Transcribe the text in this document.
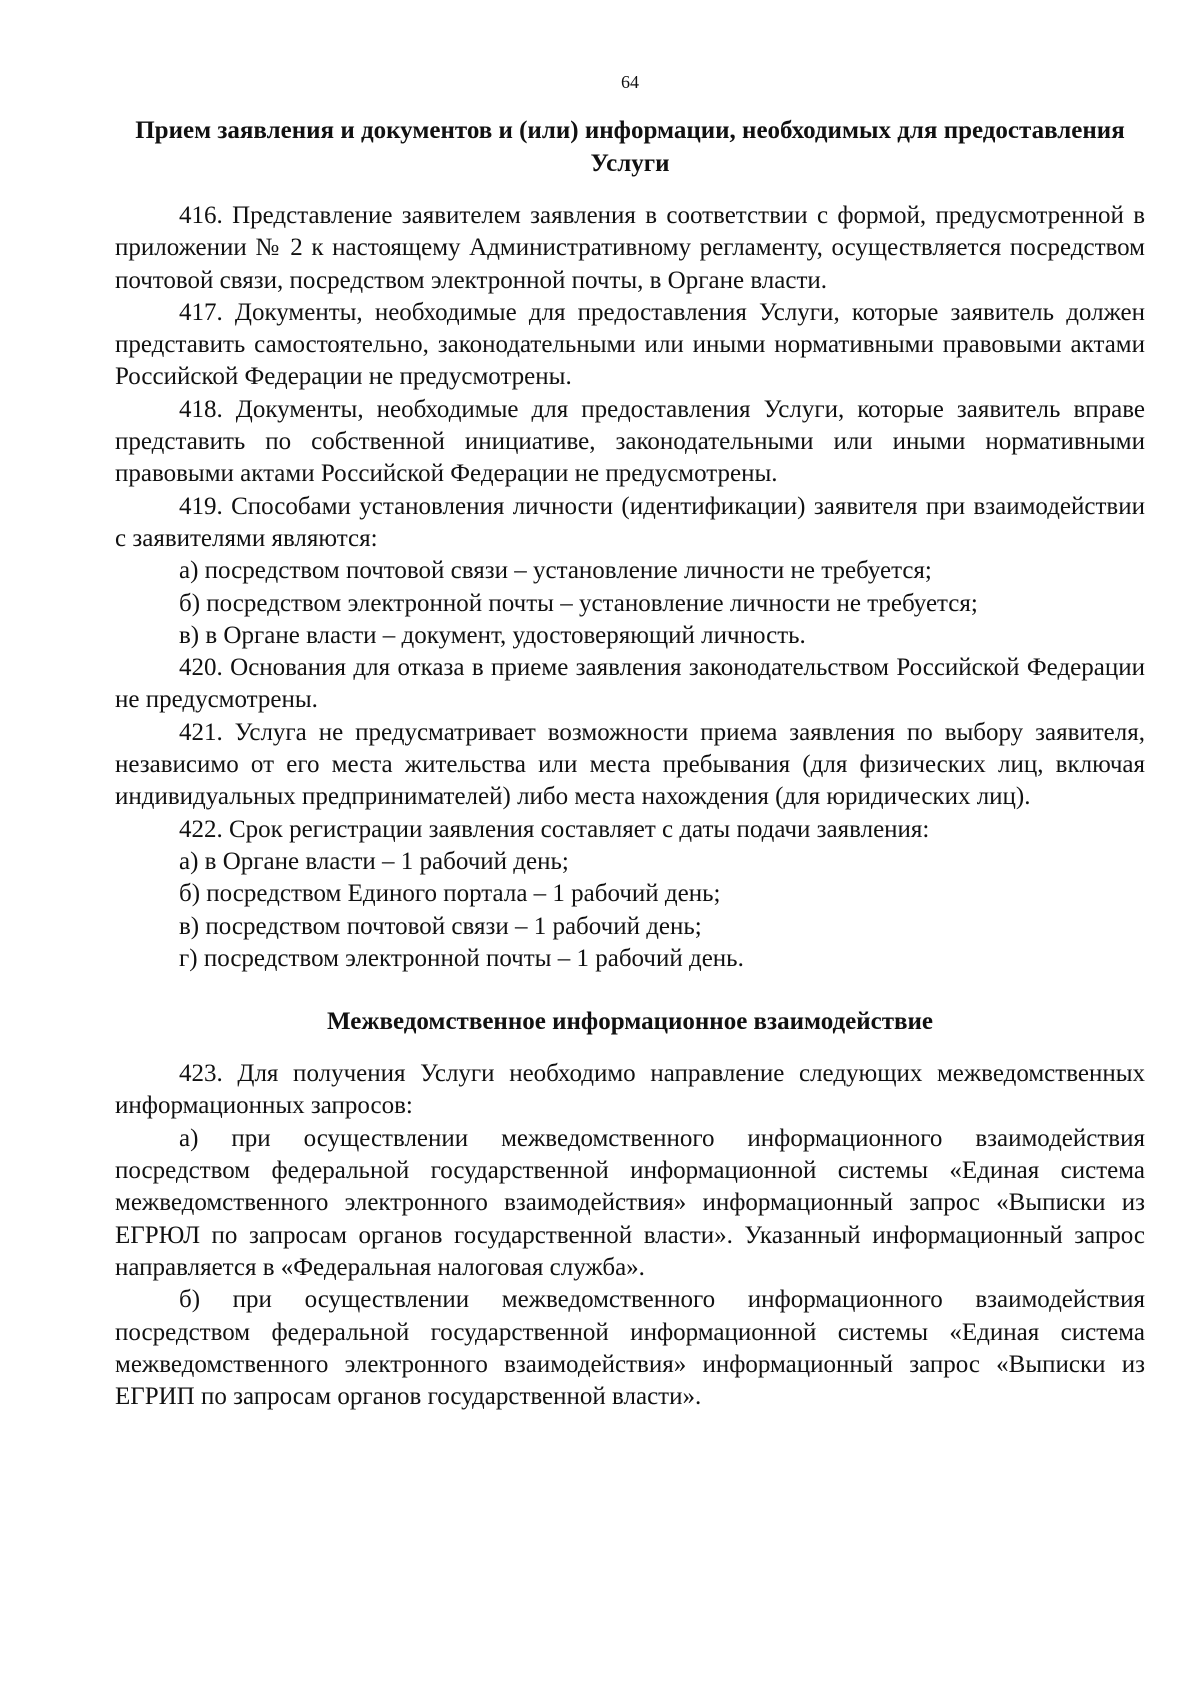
64

Прием заявления и документов и (или) информации, необходимых для предоставления Услуги

416. Представление заявителем заявления в соответствии с формой, предусмотренной в приложении № 2 к настоящему Административному регламенту, осуществляется посредством почтовой связи, посредством электронной почты, в Органе власти.

417. Документы, необходимые для предоставления Услуги, которые заявитель должен представить самостоятельно, законодательными или иными нормативными правовыми актами Российской Федерации не предусмотрены.

418. Документы, необходимые для предоставления Услуги, которые заявитель вправе представить по собственной инициативе, законодательными или иными нормативными правовыми актами Российской Федерации не предусмотрены.

419. Способами установления личности (идентификации) заявителя при взаимодействии с заявителями являются:

а) посредством почтовой связи – установление личности не требуется;

б) посредством электронной почты – установление личности не требуется;

в) в Органе власти – документ, удостоверяющий личность.

420. Основания для отказа в приеме заявления законодательством Российской Федерации не предусмотрены.

421. Услуга не предусматривает возможности приема заявления по выбору заявителя, независимо от его места жительства или места пребывания (для физических лиц, включая индивидуальных предпринимателей) либо места нахождения (для юридических лиц).

422. Срок регистрации заявления составляет с даты подачи заявления:

а) в Органе власти – 1 рабочий день;

б) посредством Единого портала – 1 рабочий день;

в) посредством почтовой связи – 1 рабочий день;

г) посредством электронной почты – 1 рабочий день.

Межведомственное информационное взаимодействие

423. Для получения Услуги необходимо направление следующих межведомственных информационных запросов:

а) при осуществлении межведомственного информационного взаимодействия посредством федеральной государственной информационной системы «Единая система межведомственного электронного взаимодействия» информационный запрос «Выписки из ЕГРЮЛ по запросам органов государственной власти». Указанный информационный запрос направляется в «Федеральная налоговая служба».

б) при осуществлении межведомственного информационного взаимодействия посредством федеральной государственной информационной системы «Единая система межведомственного электронного взаимодействия» информационный запрос «Выписки из ЕГРИП по запросам органов государственной власти».
